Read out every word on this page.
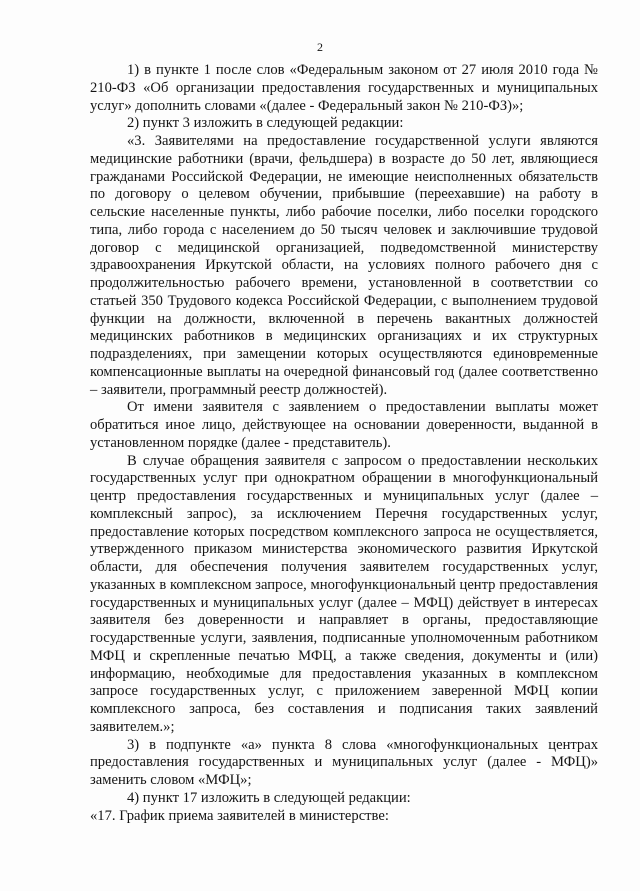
2

1) в пункте 1 после слов «Федеральным законом от 27 июля 2010 года № 210-ФЗ «Об организации предоставления государственных и муниципальных услуг» дополнить словами «(далее - Федеральный закон № 210-ФЗ)»;

2) пункт 3 изложить в следующей редакции:

«3. Заявителями на предоставление государственной услуги являются медицинские работники (врачи, фельдшера) в возрасте до 50 лет, являющиеся гражданами Российской Федерации, не имеющие неисполненных обязательств по договору о целевом обучении, прибывшие (переехавшие) на работу в сельские населенные пункты, либо рабочие поселки, либо поселки городского типа, либо города с населением до 50 тысяч человек и заключившие трудовой договор с медицинской организацией, подведомственной министерству здравоохранения Иркутской области, на условиях полного рабочего дня с продолжительностью рабочего времени, установленной в соответствии со статьей 350 Трудового кодекса Российской Федерации, с выполнением трудовой функции на должности, включенной в перечень вакантных должностей медицинских работников в медицинских организациях и их структурных подразделениях, при замещении которых осуществляются единовременные компенсационные выплаты на очередной финансовый год (далее соответственно – заявители, программный реестр должностей).

От имени заявителя с заявлением о предоставлении выплаты может обратиться иное лицо, действующее на основании доверенности, выданной в установленном порядке (далее - представитель).

В случае обращения заявителя с запросом о предоставлении нескольких государственных услуг при однократном обращении в многофункциональный центр предоставления государственных и муниципальных услуг (далее – комплексный запрос), за исключением Перечня государственных услуг, предоставление которых посредством комплексного запроса не осуществляется, утвержденного приказом министерства экономического развития Иркутской области, для обеспечения получения заявителем государственных услуг, указанных в комплексном запросе, многофункциональный центр предоставления государственных и муниципальных услуг (далее – МФЦ) действует в интересах заявителя без доверенности и направляет в органы, предоставляющие государственные услуги, заявления, подписанные уполномоченным работником МФЦ и скрепленные печатью МФЦ, а также сведения, документы и (или) информацию, необходимые для предоставления указанных в комплексном запросе государственных услуг, с приложением заверенной МФЦ копии комплексного запроса, без составления и подписания таких заявлений заявителем.»;

3) в подпункте «а» пункта 8 слова «многофункциональных центрах предоставления государственных и муниципальных услуг (далее - МФЦ)» заменить словом «МФЦ»;

4) пункт 17 изложить в следующей редакции:

«17. График приема заявителей в министерстве:
